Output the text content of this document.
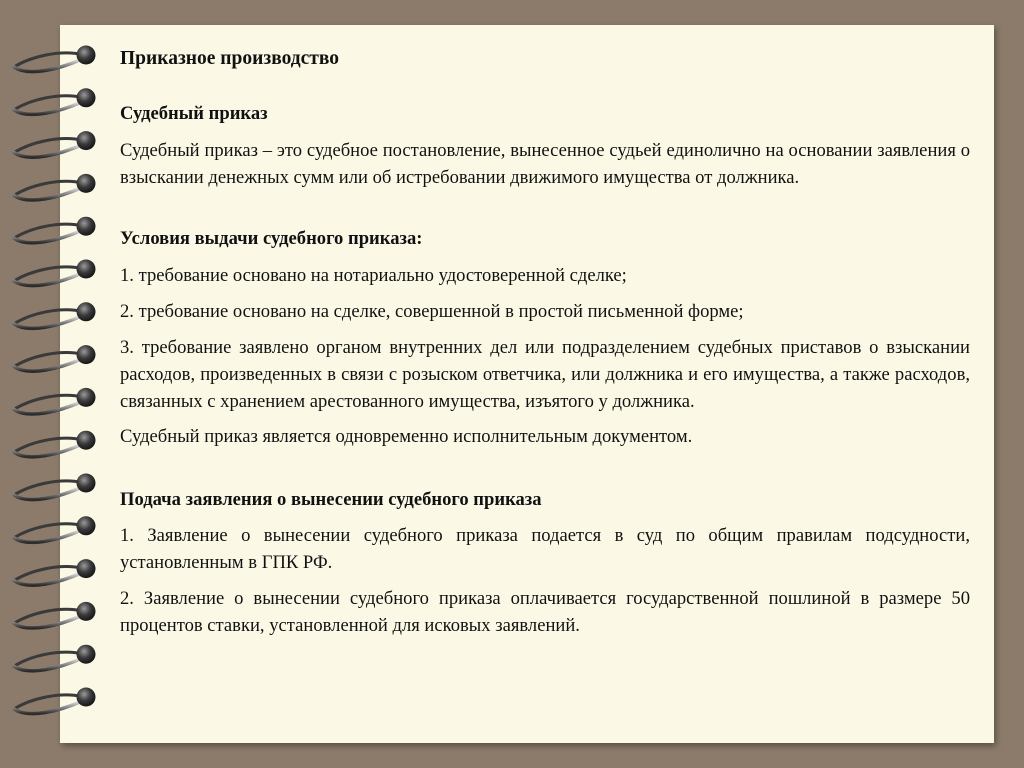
Приказное производство

Судебный приказ

Судебный приказ – это судебное постановление, вынесенное судьей единолично на основании заявления о взыскании денежных сумм или об истребовании движимого имущества от должника.

Условия выдачи судебного приказа:

1. требование основано на нотариально удостоверенной сделке;

2. требование основано на сделке, совершенной в простой письменной форме;

3. требование заявлено органом внутренних дел или подразделением судебных приставов о взыскании расходов, произведенных в связи с розыском ответчика, или должника и его имущества, а также расходов, связанных с хранением арестованного имущества, изъятого у должника.

Судебный приказ является одновременно исполнительным документом.

Подача заявления о вынесении судебного приказа

1. Заявление о вынесении судебного приказа подается в суд по общим правилам подсудности, установленным в ГПК РФ.

2. Заявление о вынесении судебного приказа оплачивается государственной пошлиной в размере 50 процентов ставки, установленной для исковых заявлений.
